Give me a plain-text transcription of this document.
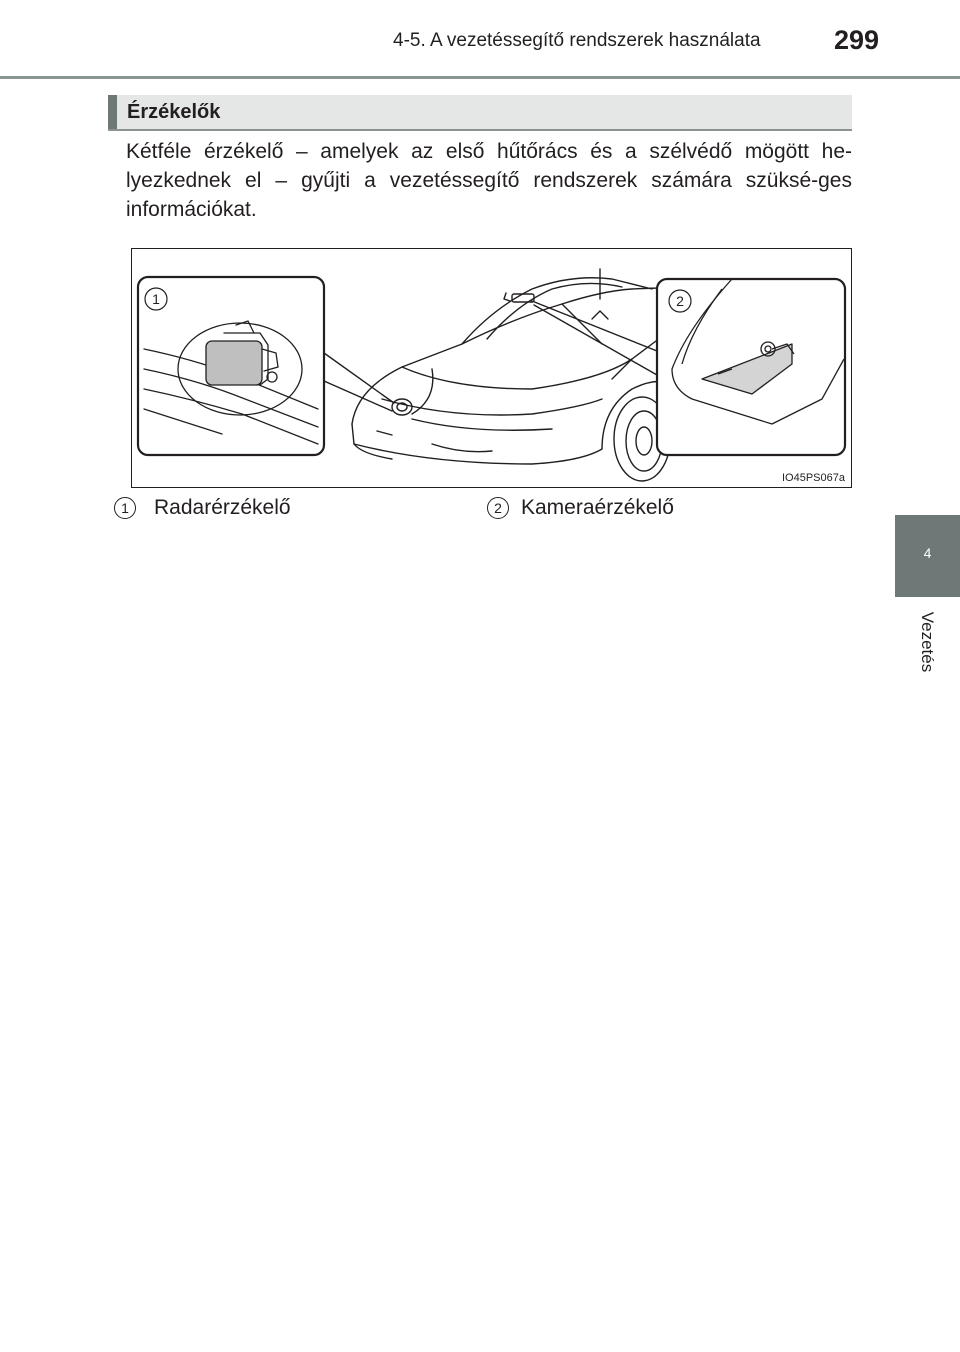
4-5. A vezetéssegítő rendszerek használata	299
Érzékelők

Kétféle érzékelő – amelyek az első hűtőrács és a szélvédő mögött he-lyezkednek el – gyűjti a vezetéssegítő rendszerek számára szüksé-ges információkat.

1	2
IO45PS067a
1	Radarérzékelő	2 Kameraérzékelő
4
Vezetés
